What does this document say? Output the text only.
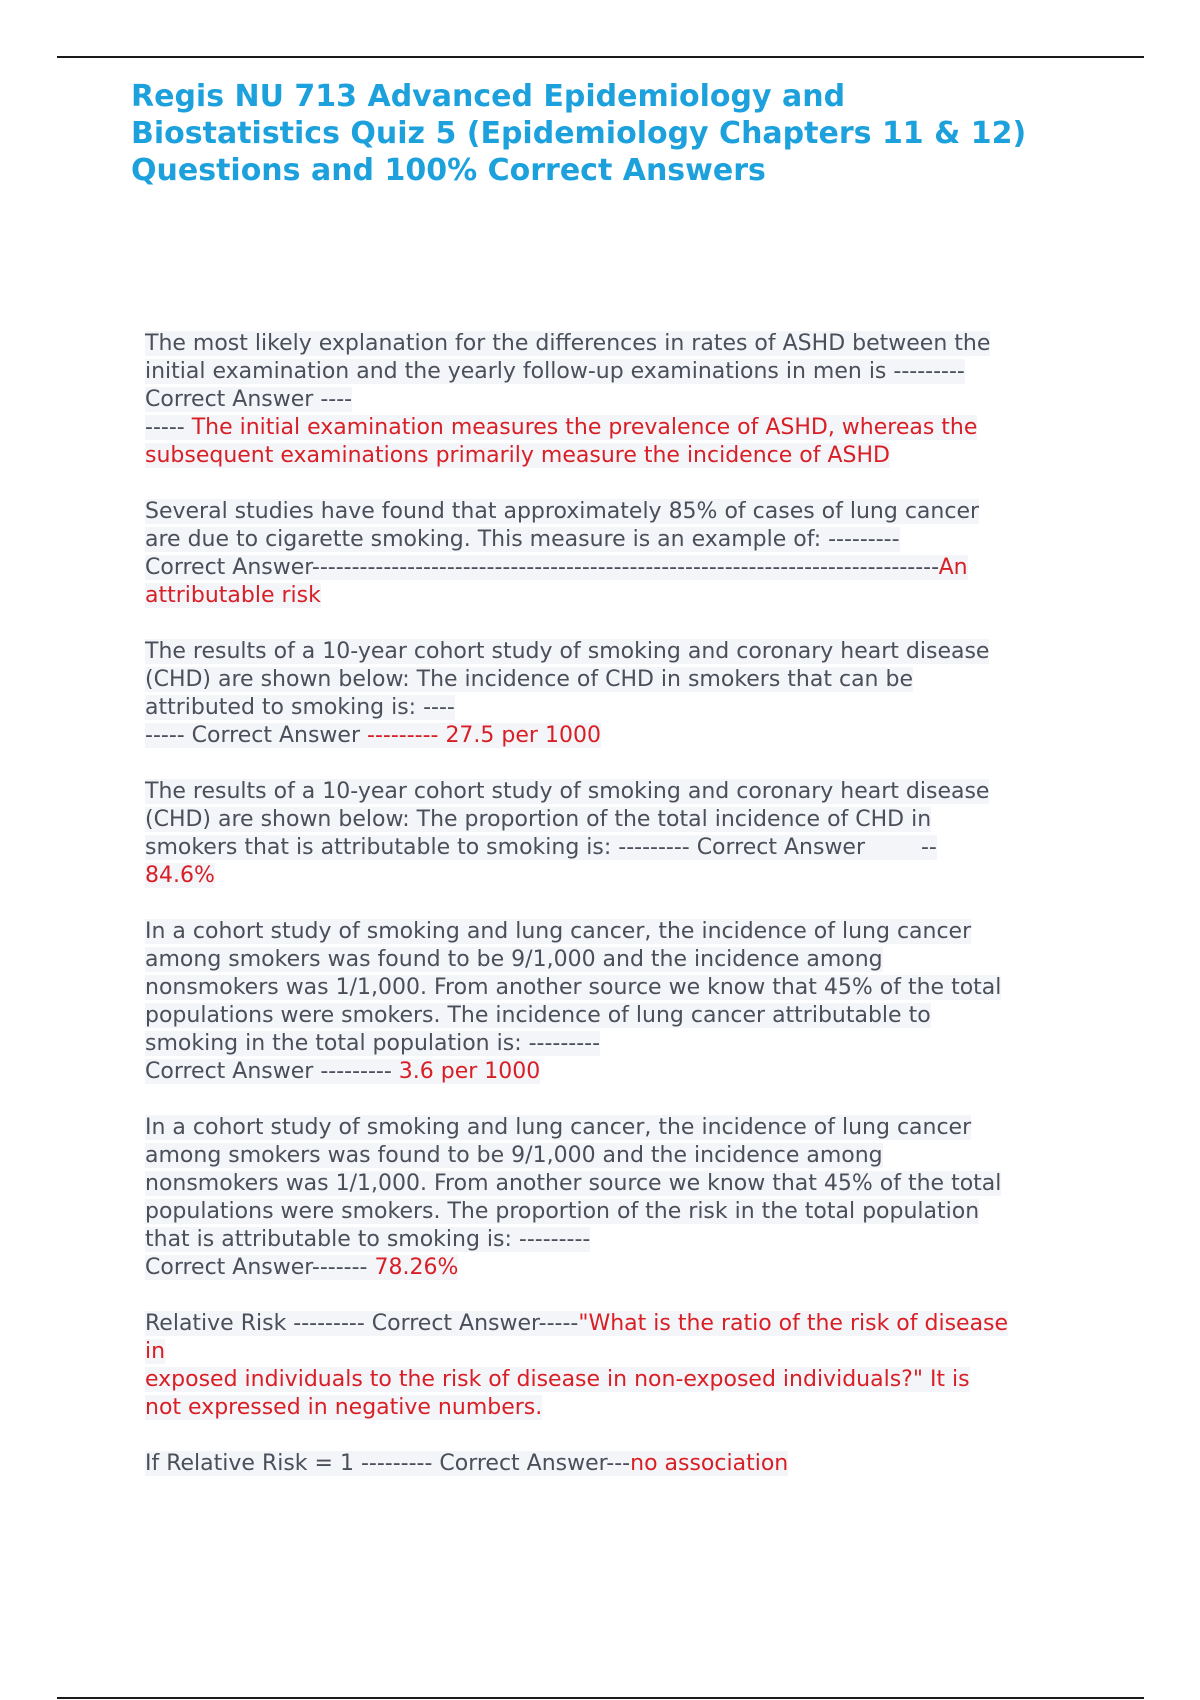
Regis NU 713 Advanced Epidemiology and
Biostatistics Quiz 5 (Epidemiology Chapters 11 & 12)
Questions and 100% Correct Answers
The most likely explanation for the differences in rates of ASHD between the
initial examination and the yearly follow-up examinations in men is ---------
Correct Answer ----
----- The initial examination measures the prevalence of ASHD, whereas the
subsequent examinations primarily measure the incidence of ASHD
Several studies have found that approximately 85% of cases of lung cancer
are due to cigarette smoking. This measure is an example of: ---------
Correct Answer-------------------------------------------------------------------------------An
attributable risk
The results of a 10-year cohort study of smoking and coronary heart disease
(CHD) are shown below: The incidence of CHD in smokers that can be
attributed to smoking is: ----
----- Correct Answer --------- 27.5 per 1000
The results of a 10-year cohort study of smoking and coronary heart disease
(CHD) are shown below: The proportion of the total incidence of CHD in
smokers that is attributable to smoking is: --------- Correct Answer        --
84.6%
In a cohort study of smoking and lung cancer, the incidence of lung cancer
among smokers was found to be 9/1,000 and the incidence among
nonsmokers was 1/1,000. From another source we know that 45% of the total
populations were smokers. The incidence of lung cancer attributable to
smoking in the total population is: ---------
Correct Answer --------- 3.6 per 1000
In a cohort study of smoking and lung cancer, the incidence of lung cancer
among smokers was found to be 9/1,000 and the incidence among
nonsmokers was 1/1,000. From another source we know that 45% of the total
populations were smokers. The proportion of the risk in the total population
that is attributable to smoking is: ---------
Correct Answer------- 78.26%
Relative Risk --------- Correct Answer-----"What is the ratio of the risk of disease
in
exposed individuals to the risk of disease in non-exposed individuals?" It is
not expressed in negative numbers.
If Relative Risk = 1 --------- Correct Answer---no association
